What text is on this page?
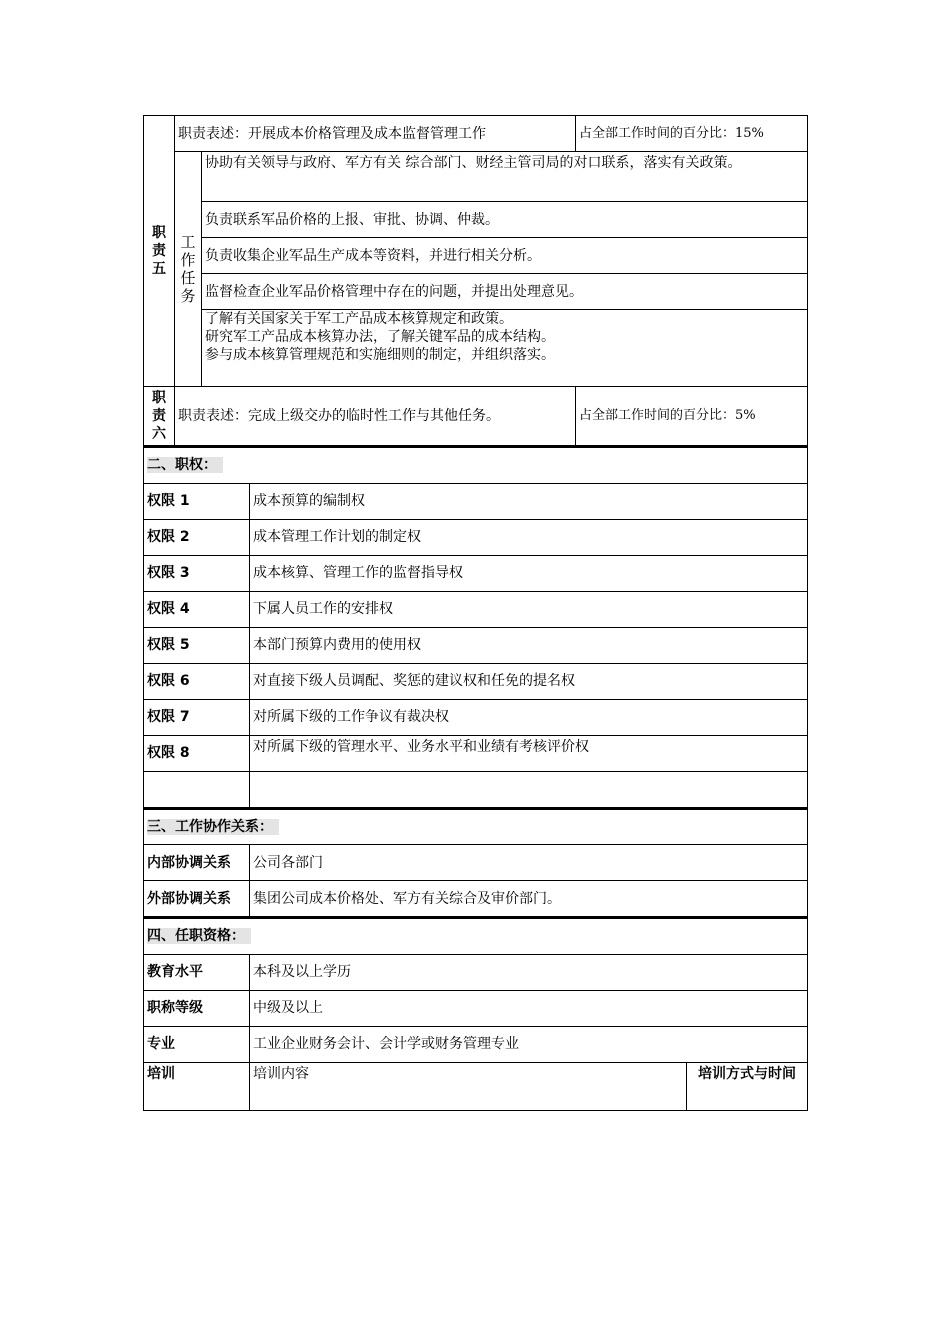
职
责
五	职责表述：开展成本价格管理及成本监督管理工作		占全部工作时间的百分比：15%
	工
作
任
务	协助有关领导与政府、军方有关 综合部门、财经主管司局的对口联系，落实有关政策。	
		负责联系军品价格的上报、审批、协调、仲裁。	
		负责收集企业军品生产成本等资料，并进行相关分析。	
		监督检查企业军品价格管理中存在的问题，并提出处理意见。	
		了解有关国家关于军工产品成本核算规定和政策。
研究军工产品成本核算办法，了解关键军品的成本结构。
参与成本核算管理规范和实施细则的制定，并组织落实。	
职
责
六	职责表述：完成上级交办的临时性工作与其他任务。		占全部工作时间的百分比：5%
二、职权：	
权限 1	成本预算的编制权
权限 2	成本管理工作计划的制定权
权限 3	成本核算、管理工作的监督指导权
权限 4	下属人员工作的安排权
权限 5	本部门预算内费用的使用权
权限 6	对直接下级人员调配、奖惩的建议权和任免的提名权
权限 7	对所属下级的工作争议有裁决权
权限 8	对所属下级的管理水平、业务水平和业绩有考核评价权

三、工作协作关系：	
内部协调关系	公司各部门
外部协调关系	集团公司成本价格处、军方有关综合及审价部门。
四、任职资格：		
教育水平	本科及以上学历	
职称等级	中级及以上	
专业	工业企业财务会计、会计学或财务管理专业	
培训	培训内容	培训方式与时间
